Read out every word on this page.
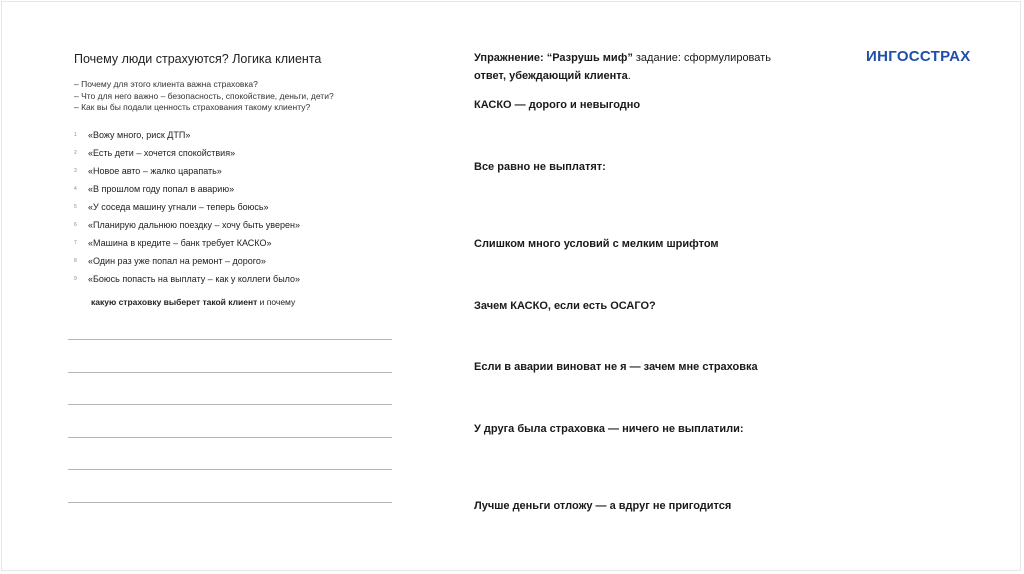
ИНГОССТРАХ

Почему люди страхуются? Логика клиента

– Почему для этого клиента важна страховка?
– Что для него важно – безопасность, спокойствие, деньги, дети?
– Как вы бы подали ценность страхования такому клиенту?
1 «Вожу много, риск ДТП»
2 «Есть дети – хочется спокойствия»
3 «Новое авто – жалко царапать»
4 «В прошлом году попал в аварию»
5 «У соседа машину угнали – теперь боюсь»
6 «Планирую дальнюю поездку – хочу быть уверен»
7 «Машина в кредите – банк требует КАСКО»
8 «Один раз уже попал на ремонт – дорого»
9 «Боюсь попасть на выплату – как у коллеги было»
какую страховку выберет такой клиент и почему
Упражнение: “Разрушь миф” задание: сформулировать
ответ, убеждающий клиента.
КАСКО — дорого и невыгодно
Все равно не выплатят:
Слишком много условий с мелким шрифтом
Зачем КАСКО, если есть ОСАГО?
Если в аварии виноват не я — зачем мне страховка
У друга была страховка — ничего не выплатили:
Лучше деньги отложу — а вдруг не пригодится
